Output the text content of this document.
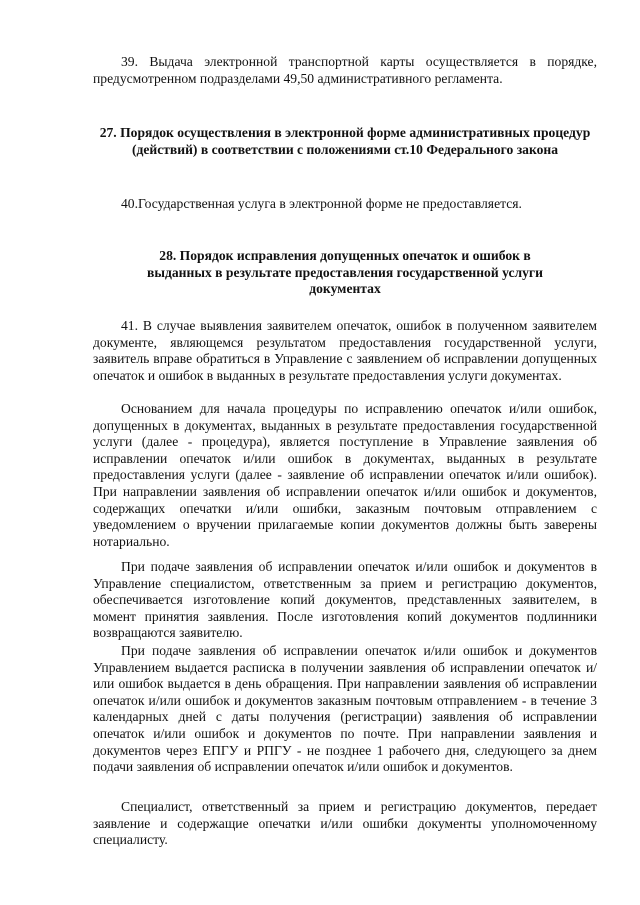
39. Выдача электронной транспортной карты осуществляется в порядке, предусмотренном подразделами 49,50 административного регламента.

27. Порядок осуществления в электронной форме административных процедур (действий) в соответствии с положениями ст.10 Федерального закона

40.Государственная услуга в электронной форме не предоставляется.

28. Порядок исправления допущенных опечаток и ошибок в выданных в результате предоставления государственной услуги документах

41. В случае выявления заявителем опечаток, ошибок в полученном заявителем документе, являющемся результатом предоставления государственной услуги, заявитель вправе обратиться в Управление с заявлением об исправлении допущенных опечаток и ошибок в выданных в результате предоставления услуги документах.

Основанием для начала процедуры по исправлению опечаток и/или ошибок, допущенных в документах, выданных в результате предоставления государственной услуги (далее - процедура), является поступление в Управление заявления об исправлении опечаток и/или ошибок в документах, выданных в результате предоставления услуги (далее - заявление об исправлении опечаток и/или ошибок). При направлении заявления об исправлении опечаток и/или ошибок и документов, содержащих опечатки и/или ошибки, заказным почтовым отправлением с уведомлением о вручении прилагаемые копии документов должны быть заверены нотариально.

При подаче заявления об исправлении опечаток и/или ошибок и документов в Управление специалистом, ответственным за прием и регистрацию документов, обеспечивается изготовление копий документов, представленных заявителем, в момент принятия заявления. После изготовления копий документов подлинники возвращаются заявителю.

При подаче заявления об исправлении опечаток и/или ошибок и документов Управлением выдается расписка в получении заявления об исправлении опечаток и/или ошибок выдается в день обращения. При направлении заявления об исправлении опечаток и/или ошибок и документов заказным почтовым отправлением - в течение 3 календарных дней с даты получения (регистрации) заявления об исправлении опечаток и/или ошибок и документов по почте. При направлении заявления и документов через ЕПГУ и РПГУ - не позднее 1 рабочего дня, следующего за днем подачи заявления об исправлении опечаток и/или ошибок и документов.

Специалист, ответственный за прием и регистрацию документов, передает заявление и содержащие опечатки и/или ошибки документы уполномоченному специалисту.
